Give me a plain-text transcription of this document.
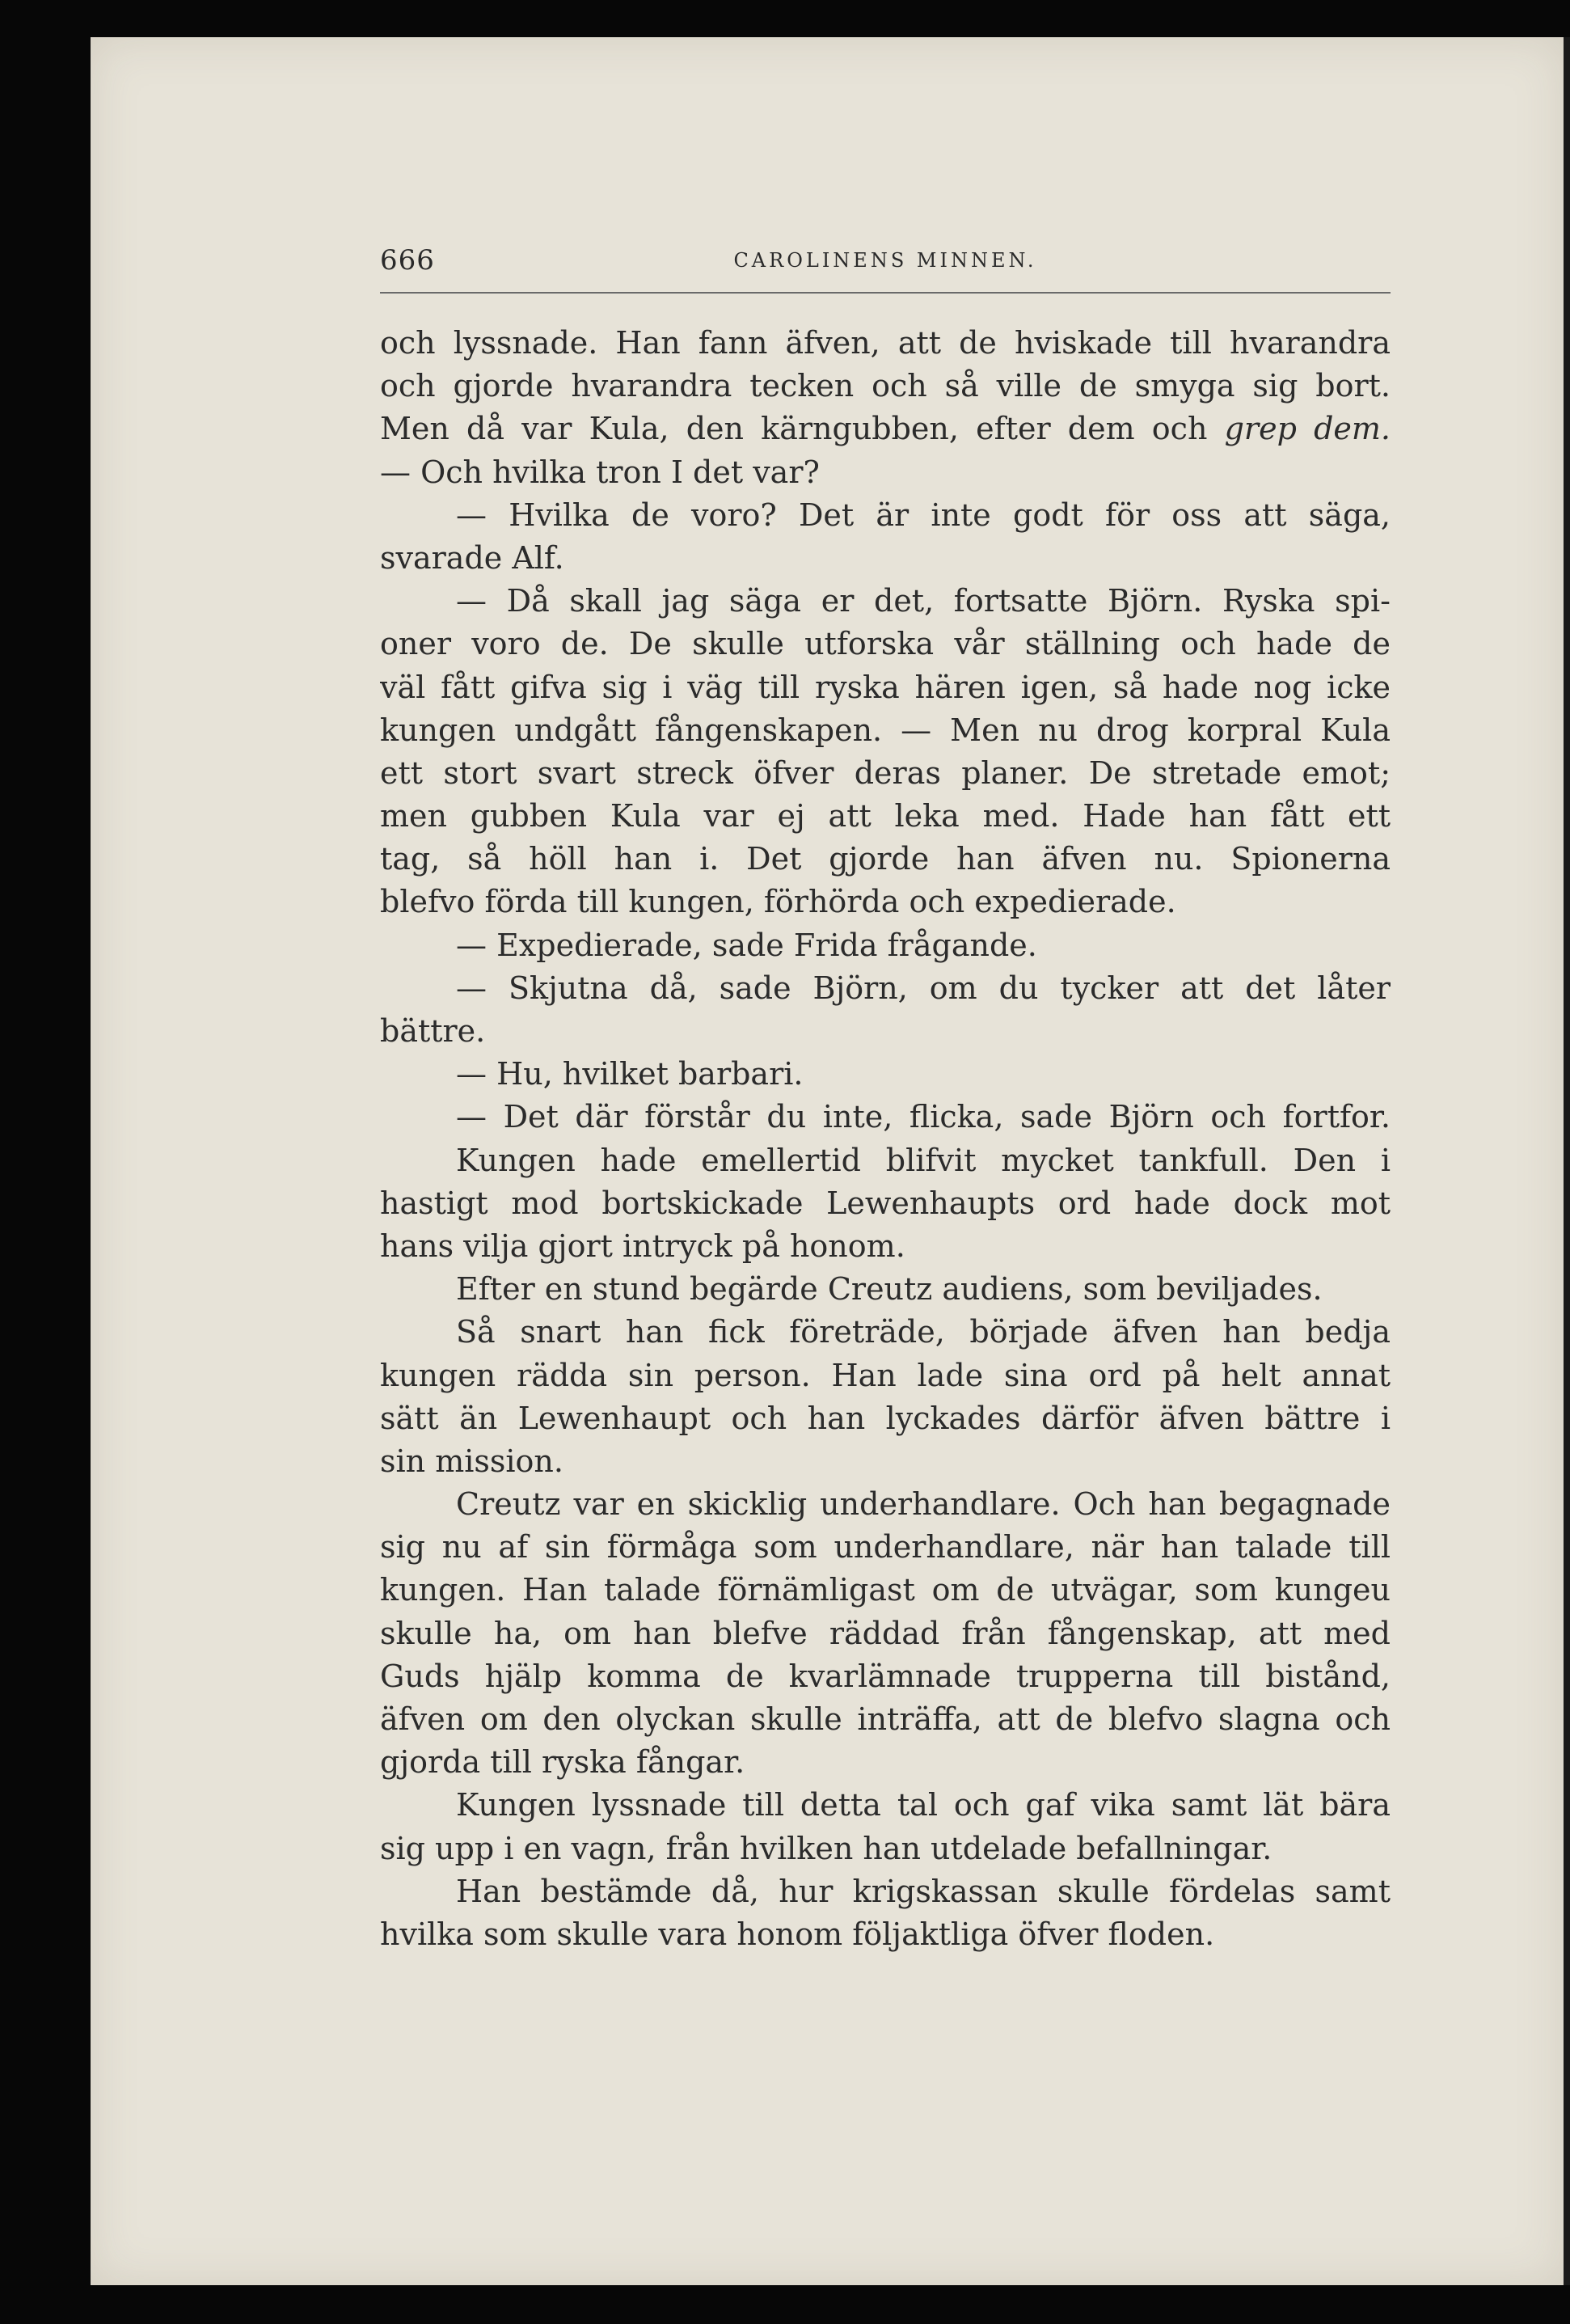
666	CAROLINENS MINNEN.
och lyssnade. Han fann äfven, att de hviskade till hvarandra
och gjorde hvarandra tecken och så ville de smyga sig bort.
Men då var Kula, den kärngubben, efter dem och grep dem.
— Och hvilka tron I det var?
— Hvilka de voro? Det är inte godt för oss att säga,
svarade Alf.
— Då skall jag säga er det, fortsatte Björn. Ryska spi-
oner voro de. De skulle utforska vår ställning och hade de
väl fått gifva sig i väg till ryska hären igen, så hade nog icke
kungen undgått fångenskapen. — Men nu drog korpral Kula
ett stort svart streck öfver deras planer. De stretade emot;
men gubben Kula var ej att leka med. Hade han fått ett
tag, så höll han i. Det gjorde han äfven nu. Spionerna
blefvo förda till kungen, förhörda och expedierade.
— Expedierade, sade Frida frågande.
— Skjutna då, sade Björn, om du tycker att det låter
bättre.
— Hu, hvilket barbari.
— Det där förstår du inte, flicka, sade Björn och fortfor.
Kungen hade emellertid blifvit mycket tankfull. Den i
hastigt mod bortskickade Lewenhaupts ord hade dock mot
hans vilja gjort intryck på honom.
Efter en stund begärde Creutz audiens, som beviljades.
Så snart han fick företräde, började äfven han bedja
kungen rädda sin person. Han lade sina ord på helt annat
sätt än Lewenhaupt och han lyckades därför äfven bättre i
sin mission.
Creutz var en skicklig underhandlare. Och han begagnade
sig nu af sin förmåga som underhandlare, när han talade till
kungen. Han talade förnämligast om de utvägar, som kungeu
skulle ha, om han blefve räddad från fångenskap, att med
Guds hjälp komma de kvarlämnade trupperna till bistånd,
äfven om den olyckan skulle inträffa, att de blefvo slagna och
gjorda till ryska fångar.
Kungen lyssnade till detta tal och gaf vika samt lät bära
sig upp i en vagn, från hvilken han utdelade befallningar.
Han bestämde då, hur krigskassan skulle fördelas samt
hvilka som skulle vara honom följaktliga öfver floden.
